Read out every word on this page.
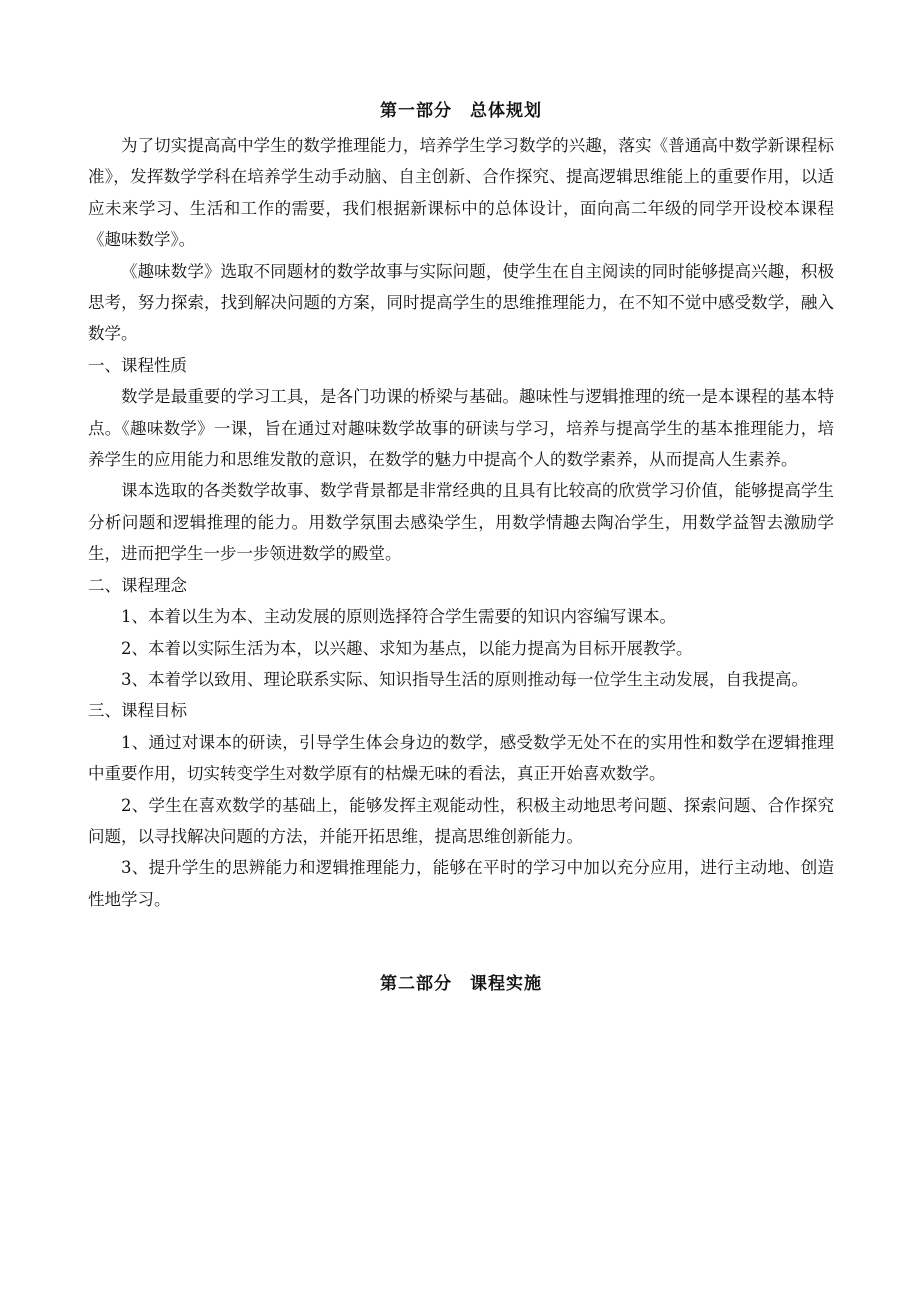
第一部分　总体规划

为了切实提高高中学生的数学推理能力，培养学生学习数学的兴趣，落实《普通高中数学新课程标准》，发挥数学学科在培养学生动手动脑、自主创新、合作探究、提高逻辑思维能上的重要作用，以适应未来学习、生活和工作的需要，我们根据新课标中的总体设计，面向高二年级的同学开设校本课程《趣味数学》。

《趣味数学》选取不同题材的数学故事与实际问题，使学生在自主阅读的同时能够提高兴趣，积极思考，努力探索，找到解决问题的方案，同时提高学生的思维推理能力，在不知不觉中感受数学，融入数学。

一、课程性质

数学是最重要的学习工具，是各门功课的桥梁与基础。趣味性与逻辑推理的统一是本课程的基本特点。《趣味数学》一课，旨在通过对趣味数学故事的研读与学习，培养与提高学生的基本推理能力，培养学生的应用能力和思维发散的意识，在数学的魅力中提高个人的数学素养，从而提高人生素养。

课本选取的各类数学故事、数学背景都是非常经典的且具有比较高的欣赏学习价值，能够提高学生分析问题和逻辑推理的能力。用数学氛围去感染学生，用数学情趣去陶冶学生，用数学益智去激励学生，进而把学生一步一步领进数学的殿堂。

二、课程理念

1、本着以生为本、主动发展的原则选择符合学生需要的知识内容编写课本。

2、本着以实际生活为本，以兴趣、求知为基点，以能力提高为目标开展教学。

3、本着学以致用、理论联系实际、知识指导生活的原则推动每一位学生主动发展，自我提高。

三、课程目标

1、通过对课本的研读，引导学生体会身边的数学，感受数学无处不在的实用性和数学在逻辑推理中重要作用，切实转变学生对数学原有的枯燥无味的看法，真正开始喜欢数学。

2、学生在喜欢数学的基础上，能够发挥主观能动性，积极主动地思考问题、探索问题、合作探究问题，以寻找解决问题的方法，并能开拓思维，提高思维创新能力。

3、提升学生的思辨能力和逻辑推理能力，能够在平时的学习中加以充分应用，进行主动地、创造性地学习。

第二部分　课程实施
